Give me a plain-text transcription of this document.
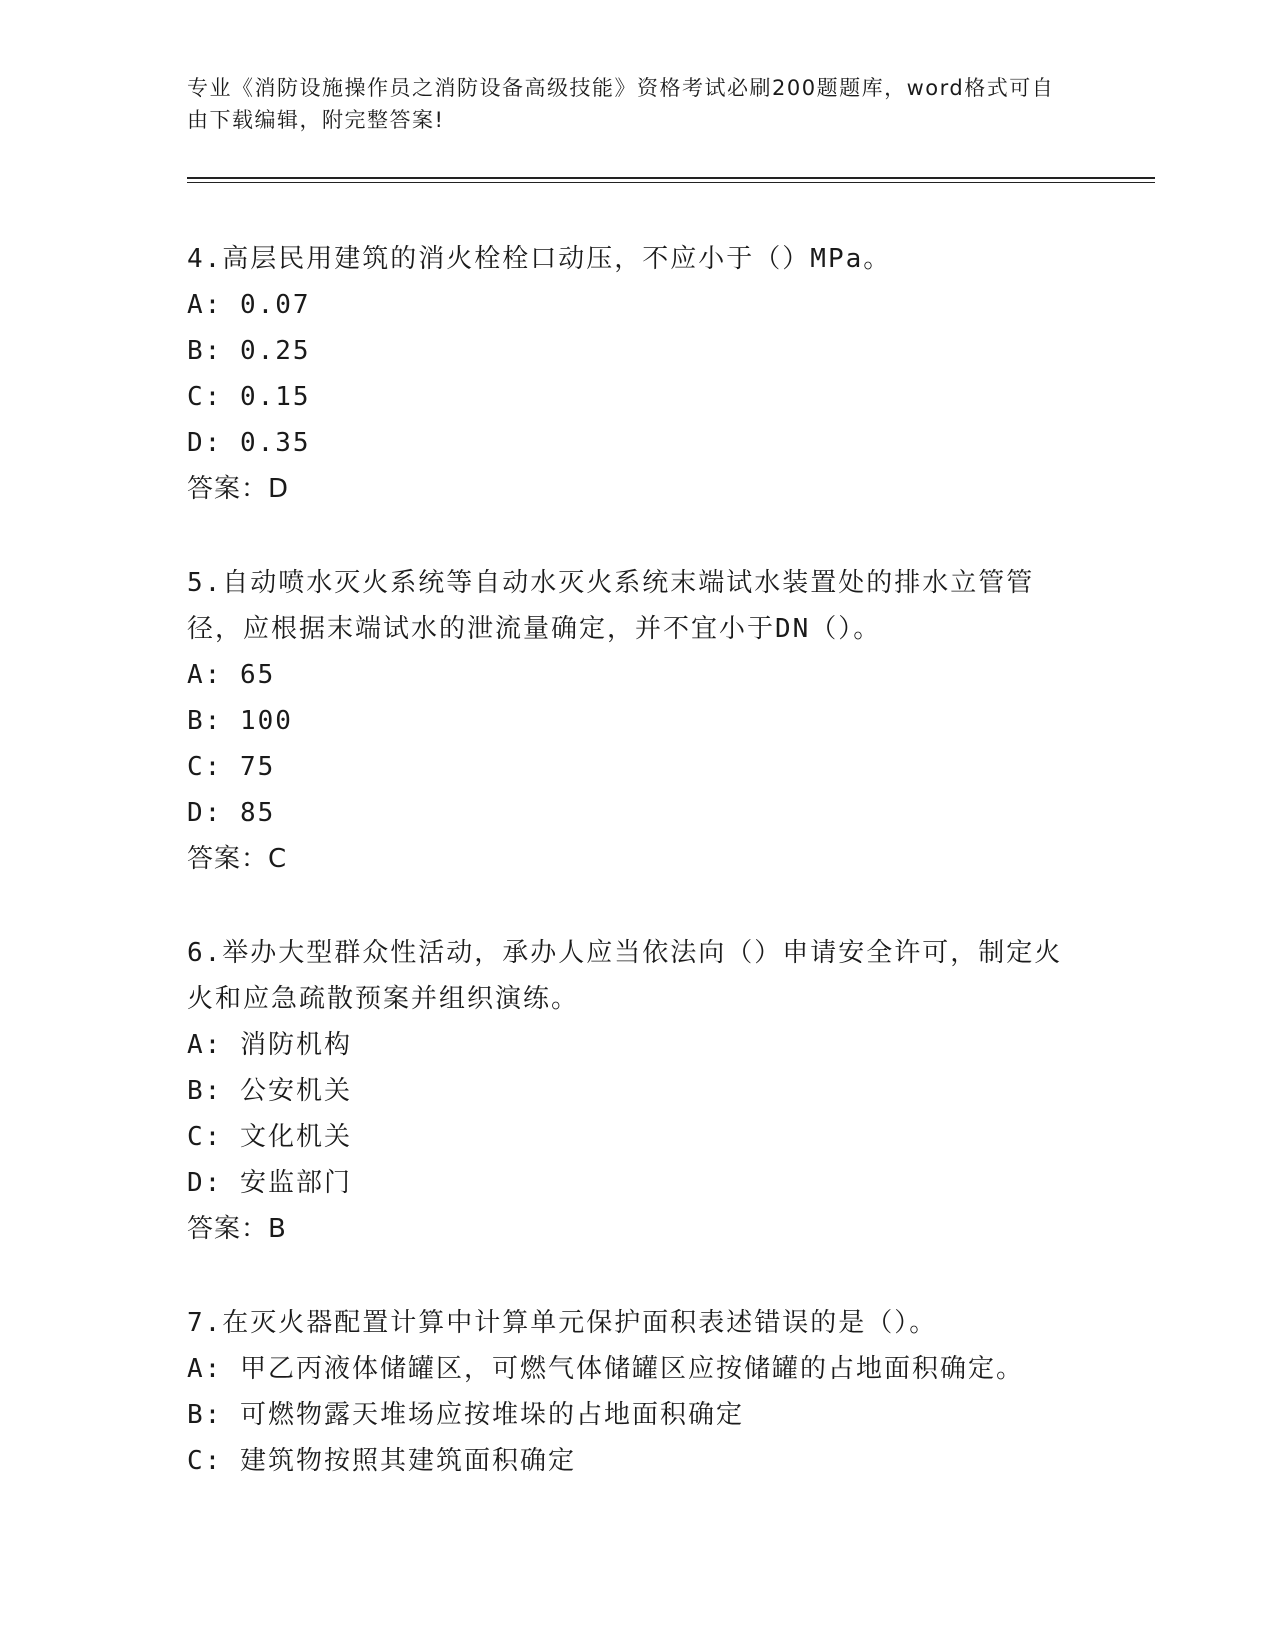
专业《消防设施操作员之消防设备高级技能》资格考试必刷200题题库，word格式可自由下载编辑，附完整答案!
4.高层民用建筑的消火栓栓口动压，不应小于（）MPa。
A: 0.07
B: 0.25
C: 0.15
D: 0.35
答案：D
5.自动喷水灭火系统等自动水灭火系统末端试水装置处的排水立管管径，应根据末端试水的泄流量确定，并不宜小于DN（）。
A: 65
B: 100
C: 75
D: 85
答案：C
6.举办大型群众性活动，承办人应当依法向（）申请安全许可，制定火火和应急疏散预案并组织演练。
A: 消防机构
B: 公安机关
C: 文化机关
D: 安监部门
答案：B
7.在灭火器配置计算中计算单元保护面积表述错误的是（）。
A: 甲乙丙液体储罐区，可燃气体储罐区应按储罐的占地面积确定。
B: 可燃物露天堆场应按堆垛的占地面积确定
C: 建筑物按照其建筑面积确定
